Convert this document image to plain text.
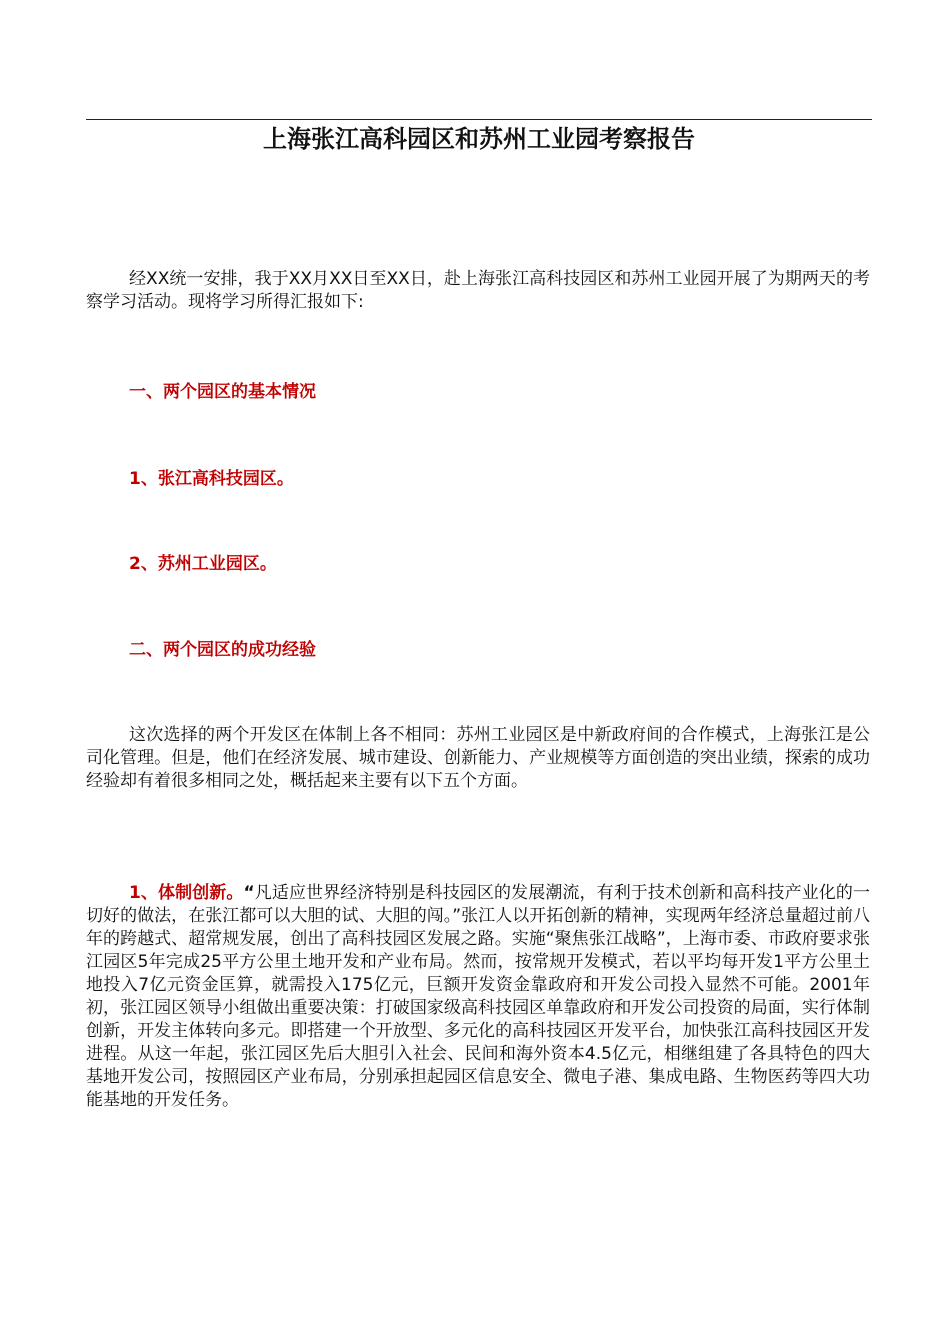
上海张江高科园区和苏州工业园考察报告
经XX统一安排，我于XX月XX日至XX日，赴上海张江高科技园区和苏州工业园开展了为期两天的考察学习活动。现将学习所得汇报如下:
一、两个园区的基本情况
1、张江高科技园区。
2、苏州工业园区。
二、两个园区的成功经验
这次选择的两个开发区在体制上各不相同：苏州工业园区是中新政府间的合作模式，上海张江是公司化管理。但是，他们在经济发展、城市建设、创新能力、产业规模等方面创造的突出业绩，探索的成功经验却有着很多相同之处，概括起来主要有以下五个方面。
1、体制创新。“凡适应世界经济特别是科技园区的发展潮流，有利于技术创新和高科技产业化的一切好的做法，在张江都可以大胆的试、大胆的闯。”张江人以开拓创新的精神，实现两年经济总量超过前八年的跨越式、超常规发展，创出了高科技园区发展之路。实施“聚焦张江战略”，上海市委、市政府要求张江园区5年完成25平方公里土地开发和产业布局。然而，按常规开发模式，若以平均每开发1平方公里土地投入7亿元资金匡算，就需投入175亿元，巨额开发资金靠政府和开发公司投入显然不可能。2001年初，张江园区领导小组做出重要决策：打破国家级高科技园区单靠政府和开发公司投资的局面，实行体制创新，开发主体转向多元。即搭建一个开放型、多元化的高科技园区开发平台，加快张江高科技园区开发进程。从这一年起，张江园区先后大胆引入社会、民间和海外资本4.5亿元，相继组建了各具特色的四大基地开发公司，按照园区产业布局，分别承担起园区信息安全、微电子港、集成电路、生物医药等四大功能基地的开发任务。
